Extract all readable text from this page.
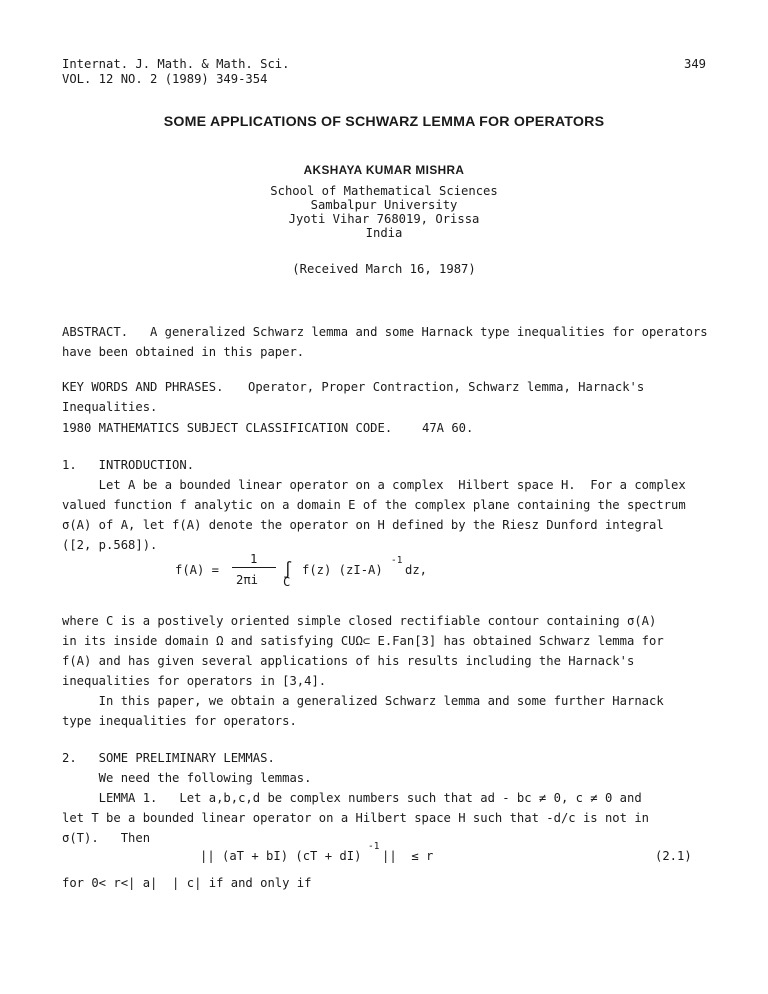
Internat. J. Math. & Math. Sci.
VOL. 12 NO. 2 (1989) 349-354
349
SOME APPLICATIONS OF SCHWARZ LEMMA FOR OPERATORS
AKSHAYA KUMAR MISHRA
School of Mathematical Sciences
Sambalpur University
Jyoti Vihar 768019, Orissa
India
(Received March 16, 1987)
ABSTRACT. A generalized Schwarz lemma and some Harnack type inequalities for operators
have been obtained in this paper.
KEY WORDS AND PHRASES. Operator, Proper Contraction, Schwarz lemma, Harnack's
Inequalities.
1980 MATHEMATICS SUBJECT CLASSIFICATION CODE. 47A 60.
1.   INTRODUCTION.
Let A be a bounded linear operator on a complex  Hilbert space H.  For a complex
valued function f analytic on a domain E of the complex plane containing the spectrum
σ(A) of A, let f(A) denote the operator on H defined by the Riesz Dunford integral
([2, p.568]).
f(A) =
1
2πi
∫
C
f(z) (zI-A)
-1
dz,
where C is a postively oriented simple closed rectifiable contour containing σ(A)
in its inside domain Ω and satisfying CUΩ⊂ E.Fan[3] has obtained Schwarz lemma for
f(A) and has given several applications of his results including the Harnack's
inequalities for operators in [3,4].
In this paper, we obtain a generalized Schwarz lemma and some further Harnack
type inequalities for operators.
2.   SOME PRELIMINARY LEMMAS.
We need the following lemmas.
LEMMA 1.   Let a,b,c,d be complex numbers such that ad - bc ≠ 0, c ≠ 0 and
let T be a bounded linear operator on a Hilbert space H such that -d/c is not in
σ(T).   Then
|| (aT + bI) (cT + dI)
-1
||  ≤ r	(2.1)
for 0< r<| a|  | c| if and only if
